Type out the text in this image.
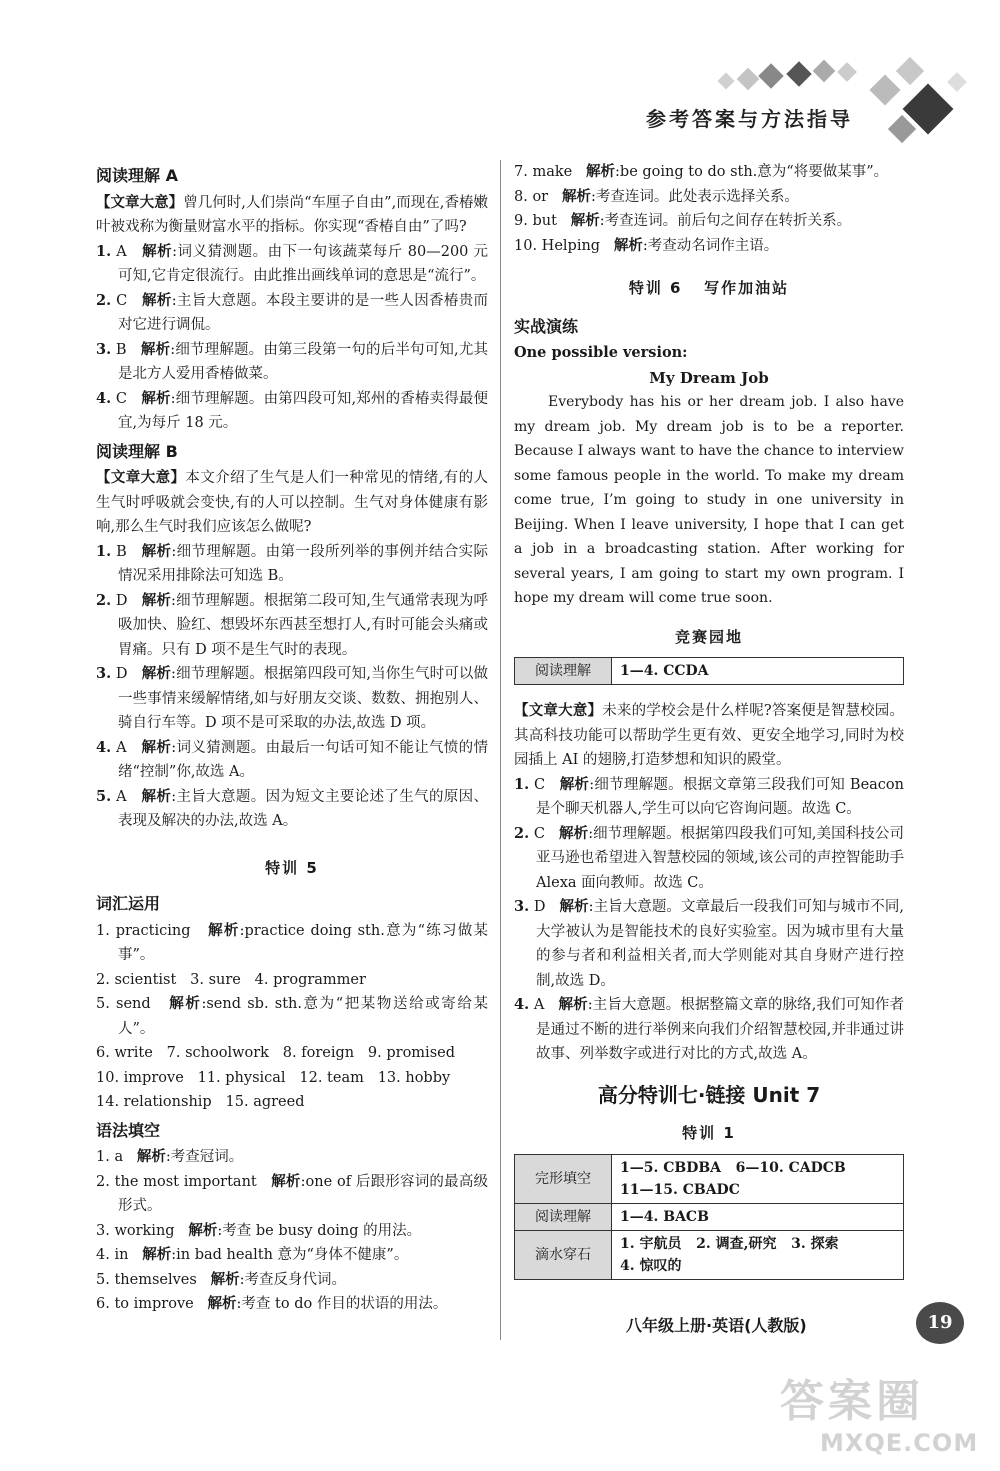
参考答案与方法指导
阅读理解 A
【文章大意】曾几何时,人们崇尚“车厘子自由”,而现在,香椿嫩叶被戏称为衡量财富水平的指标。你实现“香椿自由”了吗?
1. A 解析:词义猜测题。由下一句该蔬菜每斤 80—200 元可知,它肯定很流行。由此推出画线单词的意思是“流行”。
2. C 解析:主旨大意题。本段主要讲的是一些人因香椿贵而对它进行调侃。
3. B 解析:细节理解题。由第三段第一句的后半句可知,尤其是北方人爱用香椿做菜。
4. C 解析:细节理解题。由第四段可知,郑州的香椿卖得最便宜,为每斤 18 元。
阅读理解 B
【文章大意】本文介绍了生气是人们一种常见的情绪,有的人生气时呼吸就会变快,有的人可以控制。生气对身体健康有影响,那么生气时我们应该怎么做呢?
1. B 解析:细节理解题。由第一段所列举的事例并结合实际情况采用排除法可知选 B。
2. D 解析:细节理解题。根据第二段可知,生气通常表现为呼吸加快、脸红、想毁坏东西甚至想打人,有时可能会头痛或胃痛。只有 D 项不是生气时的表现。
3. D 解析:细节理解题。根据第四段可知,当你生气时可以做一些事情来缓解情绪,如与好朋友交谈、数数、拥抱别人、骑自行车等。D 项不是可采取的办法,故选 D 项。
4. A 解析:词义猜测题。由最后一句话可知不能让气愤的情绪“控制”你,故选 A。
5. A 解析:主旨大意题。因为短文主要论述了生气的原因、表现及解决的办法,故选 A。
特训 5
词汇运用
1. practicing 解析:practice doing sth.意为“练习做某事”。
2. scientist   3. sure   4. programmer
5. send 解析:send sb. sth.意为“把某物送给或寄给某人”。
6. write   7. schoolwork   8. foreign   9. promised
10. improve   11. physical   12. team   13. hobby
14. relationship   15. agreed
语法填空
1. a 解析:考查冠词。
2. the most important 解析:one of 后跟形容词的最高级形式。
3. working 解析:考查 be busy doing 的用法。
4. in 解析:in bad health 意为“身体不健康”。
5. themselves 解析:考查反身代词。
6. to improve 解析:考查 to do 作目的状语的用法。
7. make 解析:be going to do sth.意为“将要做某事”。
8. or 解析:考查连词。此处表示选择关系。
9. but 解析:考查连词。前后句之间存在转折关系。
10. Helping 解析:考查动名词作主语。
特训 6   写作加油站
实战演练
One possible version:
My Dream Job
Everybody has his or her dream job. I also have my dream job. My dream job is to be a reporter. Because I always want to have the chance to interview some famous people in the world. To make my dream come true, I’m going to study in one university in Beijing. When I leave university, I hope that I can get a job in a broadcasting station. After working for several years, I am going to start my own program. I hope my dream will come true soon.
竞赛园地
阅读理解	1—4. CCDA
【文章大意】未来的学校会是什么样呢?答案便是智慧校园。其高科技功能可以帮助学生更有效、更安全地学习,同时为校园插上 AI 的翅膀,打造梦想和知识的殿堂。
1. C 解析:细节理解题。根据文章第三段我们可知 Beacon 是个聊天机器人,学生可以向它咨询问题。故选 C。
2. C 解析:细节理解题。根据第四段我们可知,美国科技公司亚马逊也希望进入智慧校园的领域,该公司的声控智能助手 Alexa 面向教师。故选 C。
3. D 解析:主旨大意题。文章最后一段我们可知与城市不同,大学被认为是智能技术的良好实验室。因为城市里有大量的参与者和利益相关者,而大学则能对其自身财产进行控制,故选 D。
4. A 解析:主旨大意题。根据整篇文章的脉络,我们可知作者是通过不断的进行举例来向我们介绍智慧校园,并非通过讲故事、列举数字或进行对比的方式,故选 A。
高分特训七·链接 Unit 7
特训 1
完形填空	1—5. CBDBA   6—10. CADCB
11—15. CBADC

阅读理解	1—4. BACB
滴水穿石	1. 宇航员   2. 调查,研究   3. 探索
4. 惊叹的
八年级上册·英语(人教版)	19
答案圈
MXQE.COM
